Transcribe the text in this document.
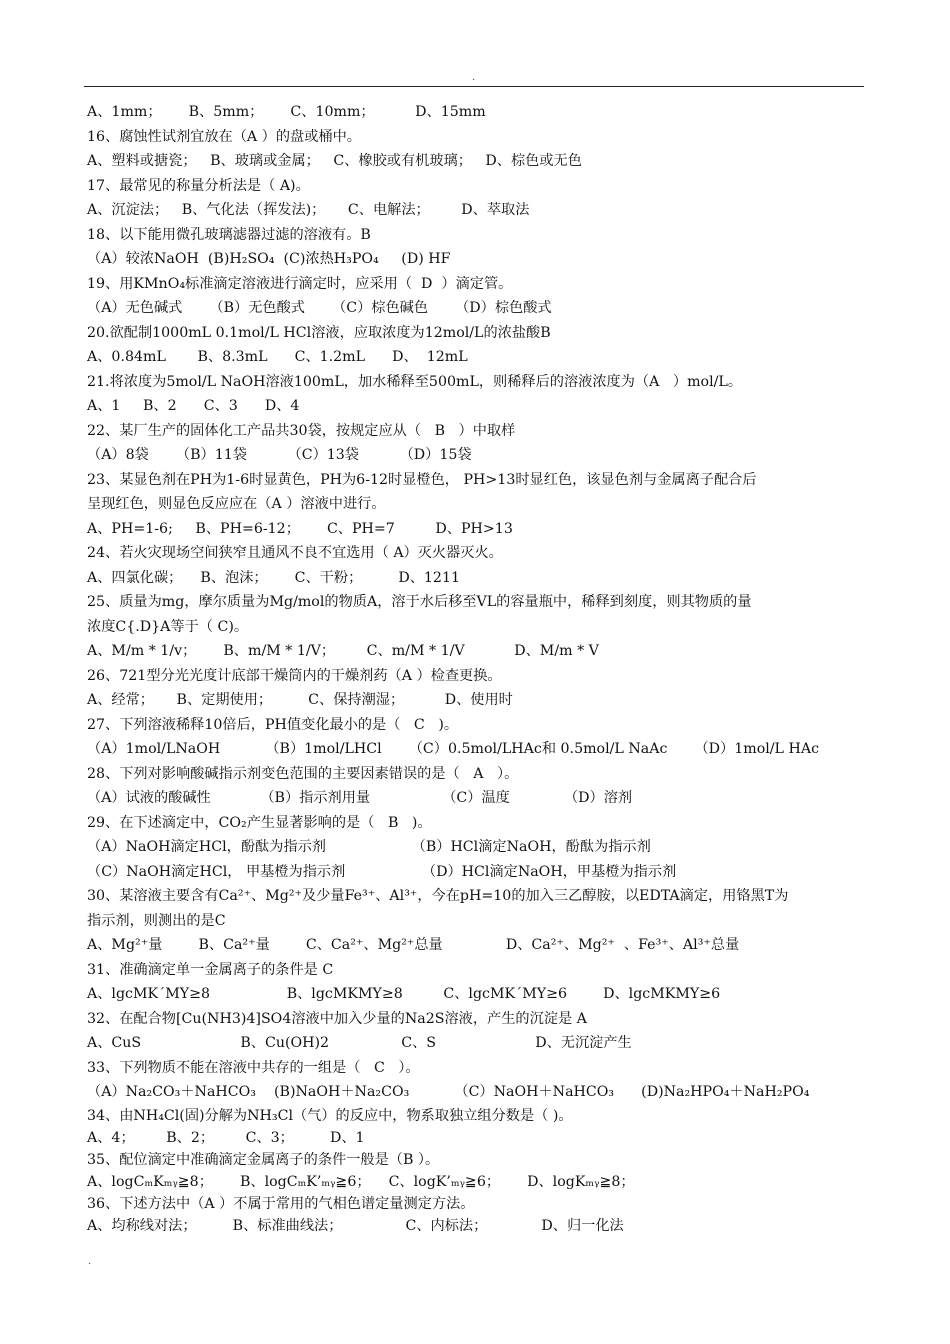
.
A、1mm；      B、5mm；      C、10mm；         D、15mm
16、腐蚀性试剂宜放在（A ）的盘或桶中。
A、塑料或搪瓷；   B、玻璃或金属；   C、橡胶或有机玻璃；   D、棕色或无色
17、最常见的称量分析法是（ A)。
A、沉淀法；   B、气化法（挥发法)；     C、电解法；       D、萃取法
18、以下能用微孔玻璃滤器过滤的溶液有。B
（A）较浓NaOH  (B)H₂SO₄  (C)浓热H₃PO₄     (D) HF
19、用KMnO₄标准滴定溶液进行滴定时，应采用（  D  ）滴定管。
（A）无色碱式      （B）无色酸式      （C）棕色碱色      （D）棕色酸式
20.欲配制1000mL 0.1mol/L HCl溶液，应取浓度为12mol/L的浓盐酸B
A、0.84mL       B、8.3mL      C、1.2mL      D、  12mL
21.将浓度为5mol/L NaOH溶液100mL，加水稀释至500mL，则稀释后的溶液浓度为（A   ）mol/L。
A、1     B、2      C、3      D、4
22、某厂生产的固体化工产品共30袋，按规定应从（   B   ）中取样
（A）8袋      （B）11袋         （C）13袋         （D）15袋
23、某显色剂在PH为1-6时显黄色，PH为6-12时显橙色， PH>13时显红色，该显色剂与金属离子配合后
呈现红色，则显色反应应在（A ）溶液中进行。
A、PH=1-6;     B、PH=6-12；      C、PH=7         D、PH>13
24、若火灾现场空间狭窄且通风不良不宜选用（ A）灭火器灭火。
A、四氯化碳；    B、泡沫；      C、干粉；        D、1211
25、质量为mg，摩尔质量为Mg/mol的物质A，溶于水后移至VL的容量瓶中，稀释到刻度，则其物质的量
浓度C{.D}A等于（ C)。
A、M/m * 1/v；      B、m/M * 1/V；       C、m/M * 1/V           D、M/m * V
26、721型分光光度计底部干燥筒内的干燥剂药（A ）检查更换。
A、经常；     B、定期使用；        C、保持潮湿；         D、使用时
27、下列溶液稀释10倍后，PH值变化最小的是（   C   )。
（A）1mol/LNaOH          （B）1mol/LHCl      （C）0.5mol/LHAc和 0.5mol/L NaAc      （D）1mol/L HAc
28、下列对影响酸碱指示剂变色范围的主要因素错误的是（   A   ）。
（A）试液的酸碱性           （B）指示剂用量                （C）温度            （D）溶剂
29、在下述滴定中，CO₂产生显著影响的是（   B   )。
（A）NaOH滴定HCl，酚酞为指示剂                   （B）HCl滴定NaOH，酚酞为指示剂
（C）NaOH滴定HCl， 甲基橙为指示剂                 （D）HCl滴定NaOH，甲基橙为指示剂
30、某溶液主要含有Ca²⁺、Mg²⁺及少量Fe³⁺、Al³⁺，今在pH=10的加入三乙醇胺，以EDTA滴定，用铬黑T为
指示剂，则测出的是C
A、Mg²⁺量        B、Ca²⁺量        C、Ca²⁺、Mg²⁺总量              D、Ca²⁺、Mg²⁺  、Fe³⁺、Al³⁺总量
31、准确滴定单一金属离子的条件是 C
A、lgcMK´MY≥8                 B、lgcMKMY≥8         C、lgcMK´MY≥6        D、lgcMKMY≥6
32、在配合物[Cu(NH3)4]SO4溶液中加入少量的Na2S溶液，产生的沉淀是 A
A、CuS                      B、Cu(OH)2                C、S                      D、无沉淀产生
33、下列物质不能在溶液中共存的一组是（   C   ）。
（A）Na₂CO₃＋NaHCO₃    (B)NaOH＋Na₂CO₃          （C）NaOH＋NaHCO₃      (D)Na₂HPO₄＋NaH₂PO₄
34、由NH₄Cl(固)分解为NH₃Cl（气）的反应中，物系取独立组分数是（ )。
A、4；       B、2；       C、3；        D、1
35、配位滴定中准确滴定金属离子的条件一般是（B ）。
A、logCₘKₘᵧ≧8；      B、logCₘK’ₘᵧ≧6；    C、logK’ₘᵧ≧6；      D、logKₘᵧ≧8；
36、下述方法中（A ）不属于常用的气相色谱定量测定方法。
A、均称线对法；        B、标准曲线法；              C、内标法；            D、归一化法
.
